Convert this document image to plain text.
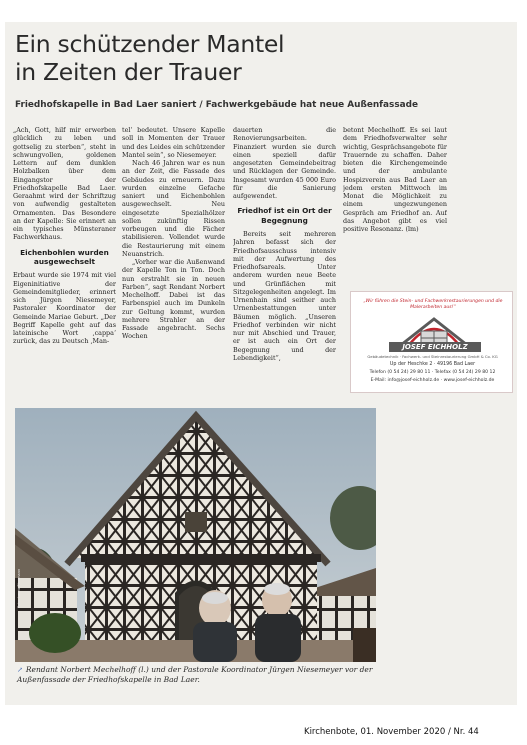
Ein schützender Mantel
in Zeiten der Trauer
Friedhofskapelle in Bad Laer saniert / Fachwerkgebäude hat neue Außenfassade

„Ach, Gott, hilf mir erwerben glücklich zu leben und gottselig zu sterben“, steht in schwungvollen, goldenen Lettern auf dem dunklen Holzbalken über dem Eingangstor der Friedhofskapelle Bad Laer. Geraahmt wird der Schriftzug von aufwendig gestalteten Ornamenten. Das Besondere an der Kapelle: Sie erinnert an ein typisches Münsteraner Fachwerkhaus.

Eichenbohlen wurden ausgewechselt

Erbaut wurde sie 1974 mit viel Eigeninitiative der Gemeindemitglieder, erinnert sich Jürgen Niesemeyer, Pastoraler Koordinator der Gemeinde Mariae Geburt. „Der Begriff Kapelle geht auf das lateinische Wort ‚cappa‘ zurück, das zu Deutsch ‚Man-

tel‘ bedeutet. Unsere Kapelle soll in Momenten der Trauer und des Leides ein schützender Mantel sein“, so Niesemeyer.

Nach 46 Jahren war es nun an der Zeit, die Fassade des Gebäudes zu erneuern. Dazu wurden einzelne Gefache saniert und Eichenbohlen ausgewechselt. Neu eingesetzte Spezialhölzer sollen zukünftig Rissen vorbeugen und die Fächer stabilisieren. Vollendet wurde die Restaurierung mit einem Neuanstrich.

„Vorher war die Außenwand der Kapelle Ton in Ton. Doch nun erstrahlt sie in neuen Farben“, sagt Rendant Norbert Mechelhoff. Dabei ist das Farbenspiel auch im Dunkeln zur Geltung kommt, wurden mehrere Strahler an der Fassade angebracht. Sechs Wochen

dauerten die Renovierungsarbeiten. Finanziert wurden sie durch einen speziell dafür angesetzten Gemeindebeitrag und Rücklagen der Gemeinde. Insgesamt wurden 45 000 Euro für die Sanierung aufgewendet.

Friedhof ist ein Ort der Begegnung

Bereits seit mehreren Jahren befasst sich der Friedhofsausschuss intensiv mit der Aufwertung des Friedhofsareals. Unter anderem wurden neue Beete und Grünflächen mit Sitzgelegenheiten angelegt. Im Urnenhain sind seither auch Urnenbestattungen unter Bäumen möglich. „Unseren Friedhof verbinden wir nicht nur mit Abschied und Trauer, er ist auch ein Ort der Begegnung und der Lebendigkeit“,

betont Mechelhoff. Es sei laut dem Friedhofsverwalter sehr wichtig, Gesprächsangebote für Trauernde zu schaffen. Daher bieten die Kirchengemeinde und der ambulante Hospizverein aus Bad Laer an jedem ersten Mittwoch im Monat die Möglichkeit zu einem ungezwungenen Gespräch am Friedhof an. Auf das Angebot gibt es viel positive Resonanz. (lm)

„Wir führen die Stein- und Fachwerkrestaurierungen und die Malerarbeiten aus!“
JOSEF EICHHOLZ
Gebäudetechnik · Fachwerk- und Steinrestaurierung GmbH & Co. KG
Up der Heschke 2 · 49196 Bad Laer
Telefon (0 54 24) 29 80 11 · Telefax (0 54 24) 29 80 12
E-Mail: info@josef-eichholz.de · www.josef-eichholz.de
Foto: Laura Plaumann
↗ Rendant Norbert Mechelhoff (l.) und der Pastorale Koordinator Jürgen Niesemeyer vor der Außenfassade der Friedhofskapelle in Bad Laer.
Kirchenbote, 01. November 2020 / Nr. 44
